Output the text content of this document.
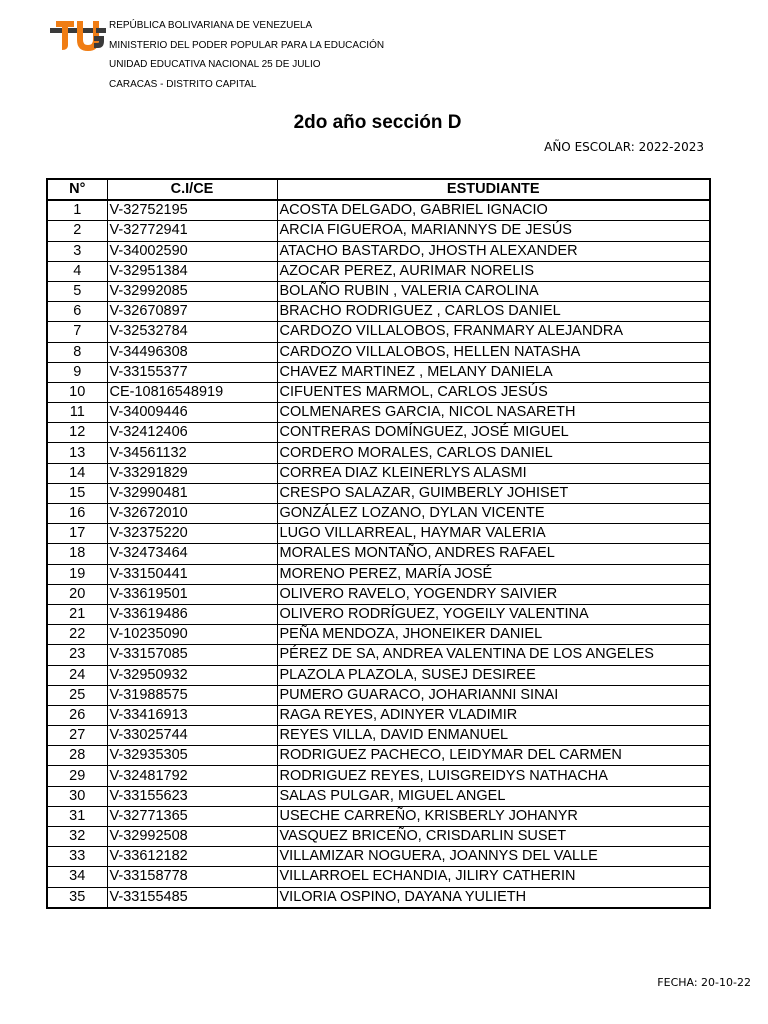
REPÚBLICA BOLIVARIANA DE VENEZUELA
MINISTERIO DEL PODER POPULAR PARA LA EDUCACIÓN
UNIDAD EDUCATIVA NACIONAL 25 DE JULIO
CARACAS - DISTRITO CAPITAL
2do año sección D
AÑO ESCOLAR: 2022-2023
N°	C.I/CE	ESTUDIANTE
1	V-32752195	ACOSTA DELGADO, GABRIEL IGNACIO
2	V-32772941	ARCIA FIGUEROA, MARIANNYS DE JESÚS
3	V-34002590	ATACHO BASTARDO, JHOSTH ALEXANDER
4	V-32951384	AZOCAR PEREZ, AURIMAR NORELIS
5	V-32992085	BOLAÑO RUBIN , VALERIA CAROLINA
6	V-32670897	BRACHO RODRIGUEZ , CARLOS DANIEL
7	V-32532784	CARDOZO VILLALOBOS, FRANMARY ALEJANDRA
8	V-34496308	CARDOZO VILLALOBOS, HELLEN NATASHA
9	V-33155377	CHAVEZ MARTINEZ , MELANY DANIELA
10	CE-10816548919	CIFUENTES MARMOL, CARLOS JESÚS
11	V-34009446	COLMENARES GARCIA, NICOL NASARETH
12	V-32412406	CONTRERAS DOMÍNGUEZ, JOSÉ MIGUEL
13	V-34561132	CORDERO MORALES, CARLOS DANIEL
14	V-33291829	CORREA DIAZ KLEINERLYS ALASMI
15	V-32990481	CRESPO SALAZAR, GUIMBERLY JOHISET
16	V-32672010	GONZÁLEZ LOZANO, DYLAN VICENTE
17	V-32375220	LUGO VILLARREAL, HAYMAR VALERIA
18	V-32473464	MORALES MONTAÑO, ANDRES RAFAEL
19	V-33150441	MORENO PEREZ, MARÍA JOSÉ
20	V-33619501	OLIVERO RAVELO, YOGENDRY SAIVIER
21	V-33619486	OLIVERO RODRÍGUEZ, YOGEILY VALENTINA
22	V-10235090	PEÑA MENDOZA, JHONEIKER DANIEL
23	V-33157085	PÉREZ DE SA, ANDREA VALENTINA DE LOS ANGELES
24	V-32950932	PLAZOLA PLAZOLA, SUSEJ DESIREE
25	V-31988575	PUMERO GUARACO, JOHARIANNI SINAI
26	V-33416913	RAGA REYES, ADINYER VLADIMIR
27	V-33025744	REYES VILLA, DAVID ENMANUEL
28	V-32935305	RODRIGUEZ PACHECO, LEIDYMAR DEL CARMEN
29	V-32481792	RODRIGUEZ REYES, LUISGREIDYS NATHACHA
30	V-33155623	SALAS PULGAR, MIGUEL ANGEL
31	V-32771365	USECHE CARREÑO, KRISBERLY JOHANYR
32	V-32992508	VASQUEZ BRICEÑO, CRISDARLIN SUSET
33	V-33612182	VILLAMIZAR NOGUERA, JOANNYS DEL VALLE
34	V-33158778	VILLARROEL ECHANDIA, JILIRY CATHERIN
35	V-33155485	VILORIA OSPINO, DAYANA YULIETH
FECHA: 20-10-22
